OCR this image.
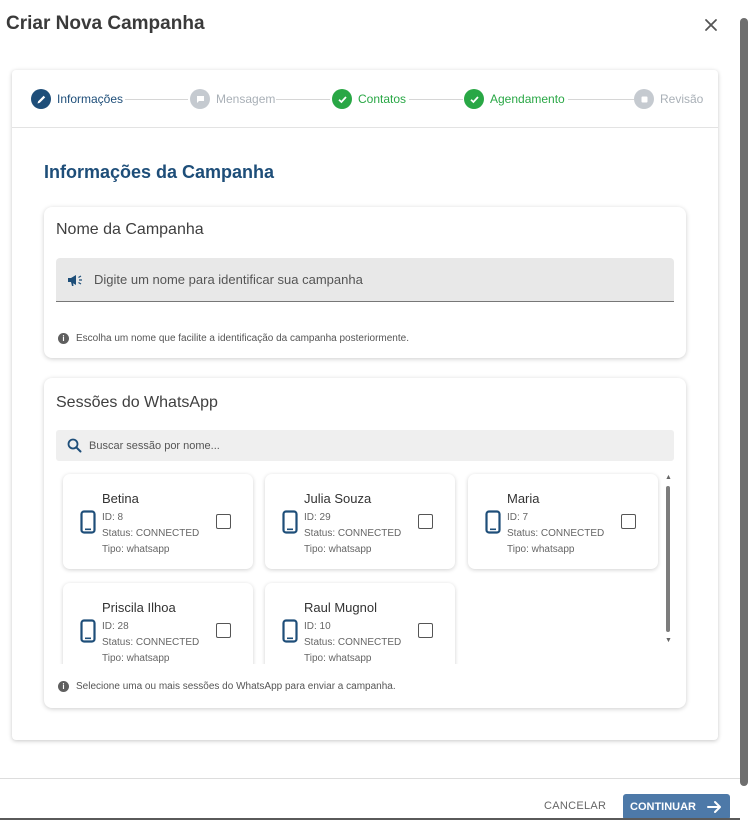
Criar Nova Campanha
Informações	Mensagem	Contatos	Agendamento	Revisão
Informações da Campanha
Nome da Campanha
Digite um nome para identificar sua campanha
i	Escolha um nome que facilite a identificação da campanha posteriormente.
Sessões do WhatsApp
Buscar sessão por nome...
Betina
ID: 8
Status: CONNECTED
Tipo: whatsapp
Julia Souza
ID: 29
Status: CONNECTED
Tipo: whatsapp
Maria
ID: 7
Status: CONNECTED
Tipo: whatsapp
Priscila Ilhoa
ID: 28
Status: CONNECTED
Tipo: whatsapp
Raul Mugnol
ID: 10
Status: CONNECTED
Tipo: whatsapp
▲
▼
i	Selecione uma ou mais sessões do WhatsApp para enviar a campanha.
CANCELAR CONTINUAR
